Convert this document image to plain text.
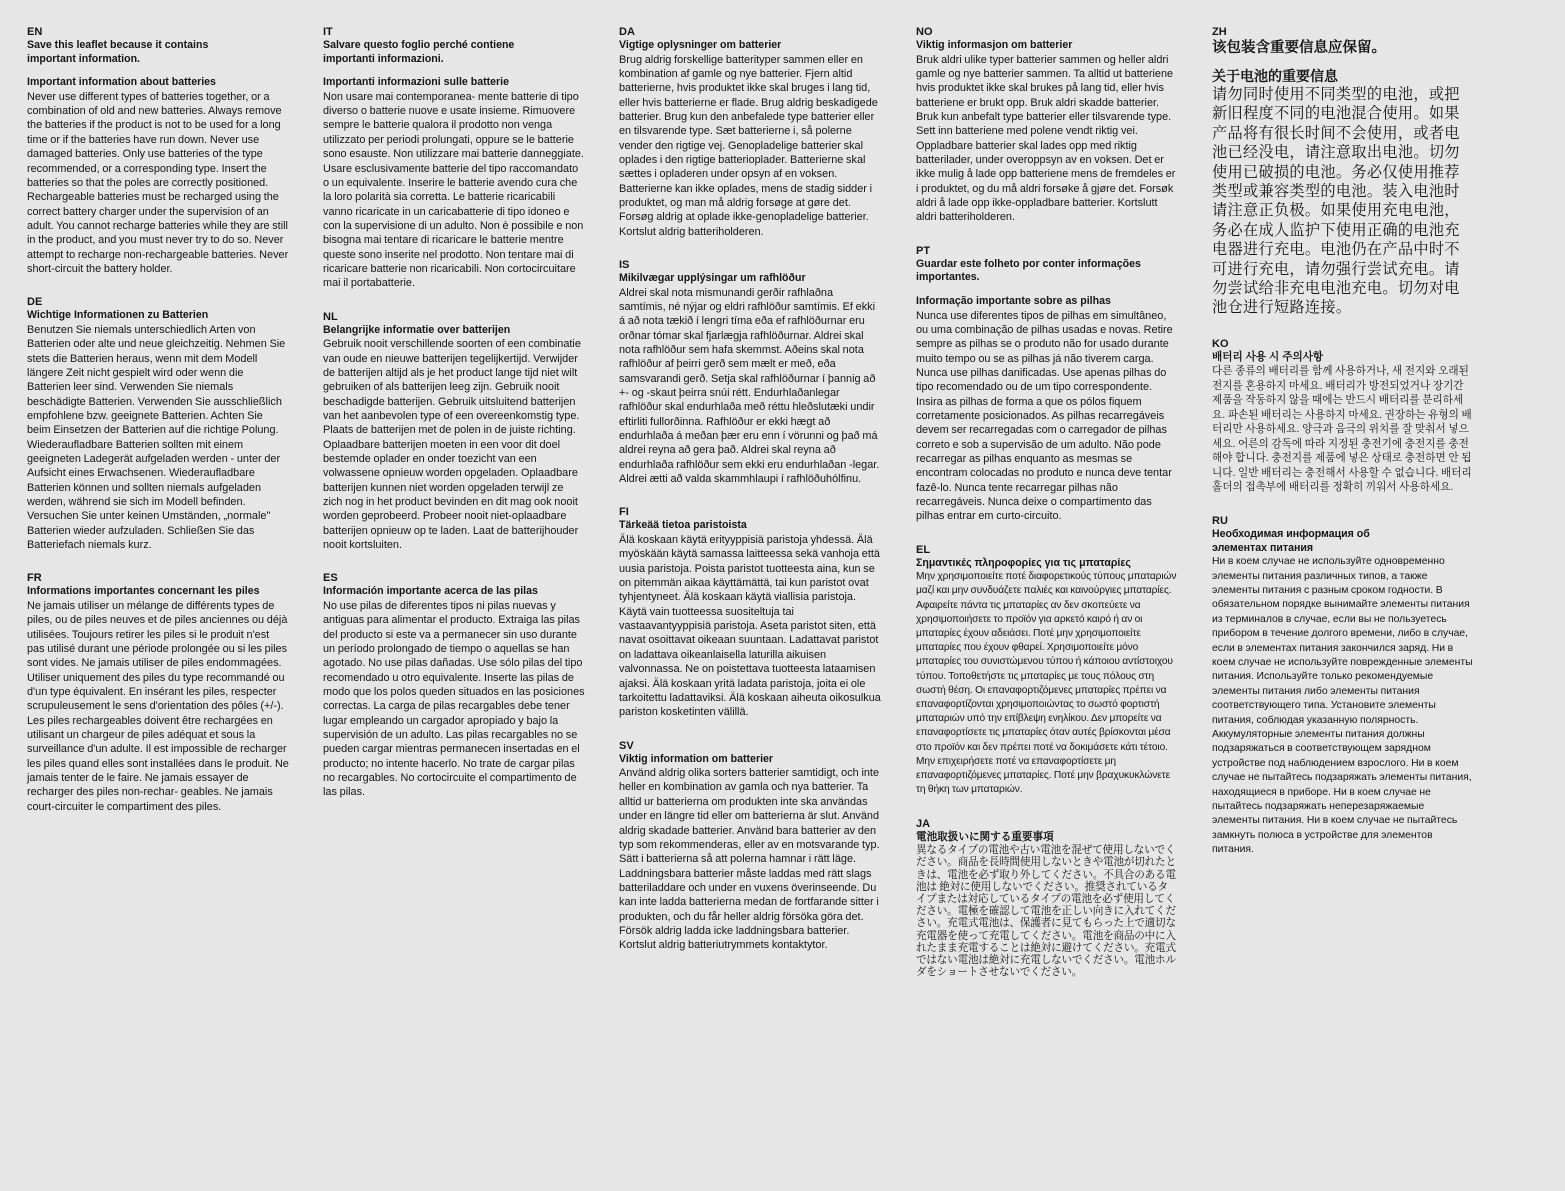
EN

Save this leaflet because it contains important information.

Important information about batteries

Never use different types of batteries together, or a combination of old and new batteries. Always remove the batteries if the product is not to be used for a long time or if the batteries have run down. Never use damaged batteries. Only use batteries of the type recommended, or a corresponding type. Insert the batteries so that the poles are correctly positioned. Rechargeable batteries must be recharged using the correct battery charger under the supervision of an adult. You cannot recharge batteries while they are still in the product, and you must never try to do so. Never attempt to recharge non-rechargeable batteries. Never short-circuit the battery holder.

DE

Wichtige Informationen zu Batterien

Benutzen Sie niemals unterschiedlich Arten von Batterien oder alte und neue gleichzeitig. Nehmen Sie stets die Batterien heraus, wenn mit dem Modell längere Zeit nicht gespielt wird oder wenn die Batterien leer sind. Verwenden Sie niemals beschädigte Batterien. Verwenden Sie ausschließlich empfohlene bzw. geeignete Batterien. Achten Sie beim Einsetzen der Batterien auf die richtige Polung. Wiederaufladbare Batterien sollten mit einem geeigneten Ladegerät aufgeladen werden - unter der Aufsicht eines Erwachsenen. Wiederaufladbare Batterien können und sollten niemals aufgeladen werden, während sie sich im Modell befinden. Versuchen Sie unter keinen Umständen, „normale" Batterien wieder aufzuladen. Schließen Sie das Batteriefach niemals kurz.

FR

Informations importantes concernant les piles

Ne jamais utiliser un mélange de différents types de piles, ou de piles neuves et de piles anciennes ou déjà utilisées. Toujours retirer les piles si le produit n'est pas utilisé durant une période prolongée ou si les piles sont vides. Ne jamais utiliser de piles endommagées. Utiliser uniquement des piles du type recommandé ou d'un type équivalent. En insérant les piles, respecter scrupuleusement le sens d'orientation des pôles (+/-). Les piles rechargeables doivent être rechargées en utilisant un chargeur de piles adéquat et sous la surveillance d'un adulte. Il est impossible de recharger les piles quand elles sont installées dans le produit. Ne jamais tenter de le faire. Ne jamais essayer de recharger des piles non-rechar- geables. Ne jamais court-circuiter le compartiment des piles.

IT

Salvare questo foglio perché contiene importanti informazioni.

Importanti informazioni sulle batterie

Non usare mai contemporanea- mente batterie di tipo diverso o batterie nuove e usate insieme. Rimuovere sempre le batterie qualora il prodotto non venga utilizzato per periodi prolungati, oppure se le batterie sono esauste. Non utilizzare mai batterie danneggiate. Usare esclusivamente batterie del tipo raccomandato o un equivalente. Inserire le batterie avendo cura che la loro polarità sia corretta. Le batterie ricaricabili vanno ricaricate in un caricabatterie di tipo idoneo e con la supervisione di un adulto. Non è possibile e non bisogna mai tentare di ricaricare le batterie mentre queste sono inserite nel prodotto. Non tentare mai di ricaricare batterie non ricaricabili. Non cortocircuitare mai il portabatterie.

NL

Belangrijke informatie over batterijen

Gebruik nooit verschillende soorten of een combinatie van oude en nieuwe batterijen tegelijkertijd. Verwijder de batterijen altijd als je het product lange tijd niet wilt gebruiken of als batterijen leeg zijn. Gebruik nooit beschadigde batterijen. Gebruik uitsluitend batterijen van het aanbevolen type of een overeenkomstig type. Plaats de batterijen met de polen in de juiste richting. Oplaadbare batterijen moeten in een voor dit doel bestemde oplader en onder toezicht van een volwassene opnieuw worden opgeladen. Oplaadbare batterijen kunnen niet worden opgeladen terwijl ze zich nog in het product bevinden en dit mag ook nooit worden geprobeerd. Probeer nooit niet-oplaadbare batterijen opnieuw op te laden. Laat de batterijhouder nooit kortsluiten.

ES

Información importante acerca de las pilas

No use pilas de diferentes tipos ni pilas nuevas y antiguas para alimentar el producto. Extraiga las pilas del producto si este va a permanecer sin uso durante un período prolongado de tiempo o aquellas se han agotado. No use pilas dañadas. Use sólo pilas del tipo recomendado u otro equivalente. Inserte las pilas de modo que los polos queden situados en las posiciones correctas. La carga de pilas recargables debe tener lugar empleando un cargador apropiado y bajo la supervisión de un adulto. Las pilas recargables no se pueden cargar mientras permanecen insertadas en el producto; no intente hacerlo. No trate de cargar pilas no recargables. No cortocircuite el compartimento de las pilas.

DA

Vigtige oplysninger om batterier

Brug aldrig forskellige batterityper sammen eller en kombination af gamle og nye batterier. Fjern altid batterierne, hvis produktet ikke skal bruges i lang tid, eller hvis batterierne er flade. Brug aldrig beskadigede batterier. Brug kun den anbefalede type batterier eller en tilsvarende type. Sæt batterierne i, så polerne vender den rigtige vej. Genopladelige batterier skal oplades i den rigtige batterioplader. Batterierne skal sættes i opladeren under opsyn af en voksen. Batterierne kan ikke oplades, mens de stadig sidder i produktet, og man må aldrig forsøge at gøre det. Forsøg aldrig at oplade ikke-genopladelige batterier. Kortslut aldrig batteriholderen.

IS

Mikilvægar upplýsingar um rafhlöður

Aldrei skal nota mismunandi gerðir rafhlaðna samtímis, né nýjar og eldri rafhlöður samtímis. Ef ekki á að nota tækið í lengri tíma eða ef rafhlöðurnar eru orðnar tómar skal fjarlægja rafhlöðurnar. Aldrei skal nota rafhlöður sem hafa skemmst. Aðeins skal nota rafhlöður af þeirri gerð sem mælt er með, eða samsvarandi gerð. Setja skal rafhlöðurnar í þannig að +- og -skaut þeirra snúi rétt. Endurhlaðanlegar rafhlöður skal endurhlaða með réttu hleðslutæki undir eftirliti fullorðinna. Rafhlöður er ekki hægt að endurhlaða á meðan þær eru enn í vörunni og það má aldrei reyna að gera það. Aldrei skal reyna að endurhlaða rafhlöður sem ekki eru endurhlaðan -legar. Aldrei ætti að valda skammhlaupi í rafhlöðuhólfinu.

FI

Tärkeää tietoa paristoista

Älä koskaan käytä erityyppisiä paristoja yhdessä. Älä myöskään käytä samassa laitteessa sekä vanhoja että uusia paristoja. Poista paristot tuotteesta aina, kun se on pitemmän aikaa käyttämättä, tai kun paristot ovat tyhjentyneet. Älä koskaan käytä viallisia paristoja. Käytä vain tuotteessa suositeltuja tai vastaavantyyppisiä paristoja. Aseta paristot siten, että navat osoittavat oikeaan suuntaan. Ladattavat paristot on ladattava oikeanlaisella laturilla aikuisen valvonnassa. Ne on poistettava tuotteesta lataamisen ajaksi. Älä koskaan yritä ladata paristoja, joita ei ole tarkoitettu ladattaviksi. Älä koskaan aiheuta oikosulkua pariston kosketinten välillä.

SV

Viktig information om batterier

Använd aldrig olika sorters batterier samtidigt, och inte heller en kombination av gamla och nya batterier. Ta alltid ur batterierna om produkten inte ska användas under en längre tid eller om batterierna är slut. Använd aldrig skadade batterier. Använd bara batterier av den typ som rekommenderas, eller av en motsvarande typ. Sätt i batterierna så att polerna hamnar i rätt läge. Laddningsbara batterier måste laddas med rätt slags batteriladdare och under en vuxens överinseende. Du kan inte ladda batterierna medan de fortfarande sitter i produkten, och du får heller aldrig försöka göra det. Försök aldrig ladda icke laddningsbara batterier. Kortslut aldrig batteriutrymmets kontaktytor.

NO

Viktig informasjon om batterier

Bruk aldri ulike typer batterier sammen og heller aldri gamle og nye batterier sammen. Ta alltid ut batteriene hvis produktet ikke skal brukes på lang tid, eller hvis batteriene er brukt opp. Bruk aldri skadde batterier. Bruk kun anbefalt type batterier eller tilsvarende type. Sett inn batteriene med polene vendt riktig vei. Oppladbare batterier skal lades opp med riktig batterilader, under overoppsyn av en voksen. Det er ikke mulig å lade opp batteriene mens de fremdeles er i produktet, og du må aldri forsøke å gjøre det. Forsøk aldri å lade opp ikke-oppladbare batterier. Kortslutt aldri batteriholderen.

PT

Guardar este folheto por conter informações importantes.

Informação importante sobre as pilhas

Nunca use diferentes tipos de pilhas em simultâneo, ou uma combinação de pilhas usadas e novas. Retire sempre as pilhas se o produto não for usado durante muito tempo ou se as pilhas já não tiverem carga. Nunca use pilhas danificadas. Use apenas pilhas do tipo recomendado ou de um tipo correspondente. Insira as pilhas de forma a que os pólos fiquem corretamente posicionados. As pilhas recarregáveis devem ser recarregadas com o carregador de pilhas correto e sob a supervisão de um adulto. Não pode recarregar as pilhas enquanto as mesmas se encontram colocadas no produto e nunca deve tentar fazê-lo. Nunca tente recarregar pilhas não recarregáveis. Nunca deixe o compartimento das pilhas entrar em curto-circuito.

EL

Σημαντικές πληροφορίες για τις μπαταρίες

Μην χρησιμοποιείτε ποτέ διαφορετικούς τύπους μπαταριών μαζί και μην συνδυάζετε παλιές και καινούργιες μπαταρίες. Αφαιρείτε πάντα τις μπαταρίες αν δεν σκοπεύετε να χρησιμοποιήσετε το προϊόν για αρκετό καιρό ή αν οι μπαταρίες έχουν αδειάσει. Ποτέ μην χρησιμοποιείτε μπαταρίες που έχουν φθαρεί. Χρησιμοποιείτε μόνο μπαταρίες του συνιστώμενου τύπου ή κάποιου αντίστοιχου τύπου. Τοποθετήστε τις μπαταρίες με τους πόλους στη σωστή θέση. Οι επαναφορτιζόμενες μπαταρίες πρέπει να επαναφορτίζονται χρησιμοποιώντας το σωστό φορτιστή μπαταριών υπό την επίβλεψη ενηλίκου. Δεν μπορείτε να επαναφορτίσετε τις μπαταρίες όταν αυτές βρίσκονται μέσα στο προϊόν και δεν πρέπει ποτέ να δοκιμάσετε κάτι τέτοιο. Μην επιχειρήσετε ποτέ να επαναφορτίσετε μη επαναφορτιζόμενες μπαταρίες. Ποτέ μην βραχυκυκλώνετε τη θήκη των μπαταριών.

JA

電池取扱いに関する重要事項

異なるタイプの電池や古い電池を混ぜて使用しないでください。商品を長時間使用しないときや電池が切れたときは、電池を必ず取り外してください。不具合のある電池は 絶対に使用しないでください。推奨されているタイプまたは対応しているタイプの電池を必ず使用してください。電極を確認して電池を正しい向きに入れてください。充電式電池は、保護者に見てもらった上で適切な充電器を使って充電してください。電池を商品の中に入れたまま充電することは絶対に避けてください。充電式ではない電池は絶対に充電しないでください。電池ホルダをショートさせないでください。

ZH

该包装含重要信息应保留。

关于电池的重要信息

请勿同时使用不同类型的电池，或把新旧程度不同的电池混合使用。如果产品将有很长时间不会使用，或者电池已经没电，请注意取出电池。切勿使用已破损的电池。务必仅使用推荐类型或兼容类型的电池。装入电池时请注意正负极。如果使用充电电池，务必在成人监护下使用正确的电池充电器进行充电。电池仍在产品中时不可进行充电，请勿强行尝试充电。请勿尝试给非充电电池充电。切勿对电池仓进行短路连接。

KO

배터리 사용 시 주의사항

다른 종류의 배터리를 함께 사용하거나, 새 전지와 오래된 전지를 혼용하지 마세요. 배터리가 방전되었거나 장기간 제품을 작동하지 않을 때에는 반드시 배터리를 분리하세요. 파손된 배터리는 사용하지 마세요. 권장하는 유형의 배터리만 사용하세요. 양극과 음극의 위치를 잘 맞춰서 넣으세요. 어른의 감독에 따라 지정된 충전기에 충전지를 충전해야 합니다. 충전지를 제품에 넣은 상태로 충전하면 안 됩니다. 일반 배터리는 충전해서 사용할 수 없습니다. 배터리 홀더의 접촉부에 배터리를 정확히 끼워서 사용하세요.

RU

Необходимая информация об элементах питания

Ни в коем случае не используйте одновременно элементы питания различных типов, а также элементы питания с разным сроком годности. В обязательном порядке вынимайте элементы питания из терминалов в случае, если вы не пользуетесь прибором в течение долгого времени, либо в случае, если в элементах питания закончился заряд. Ни в коем случае не используйте поврежденные элементы питания. Используйте только рекомендуемые элементы питания либо элементы питания соответствующего типа. Установите элементы питания, соблюдая указанную полярность. Аккумуляторные элементы питания должны подзаряжаться в соответствующем зарядном устройстве под наблюдением взрослого. Ни в коем случае не пытайтесь подзаряжать элементы питания, находящиеся в приборе. Ни в коем случае не пытайтесь подзаряжать неперезаряжаемые элементы питания. Ни в коем случае не пытайтесь замкнуть полюса в устройстве для элементов питания.
